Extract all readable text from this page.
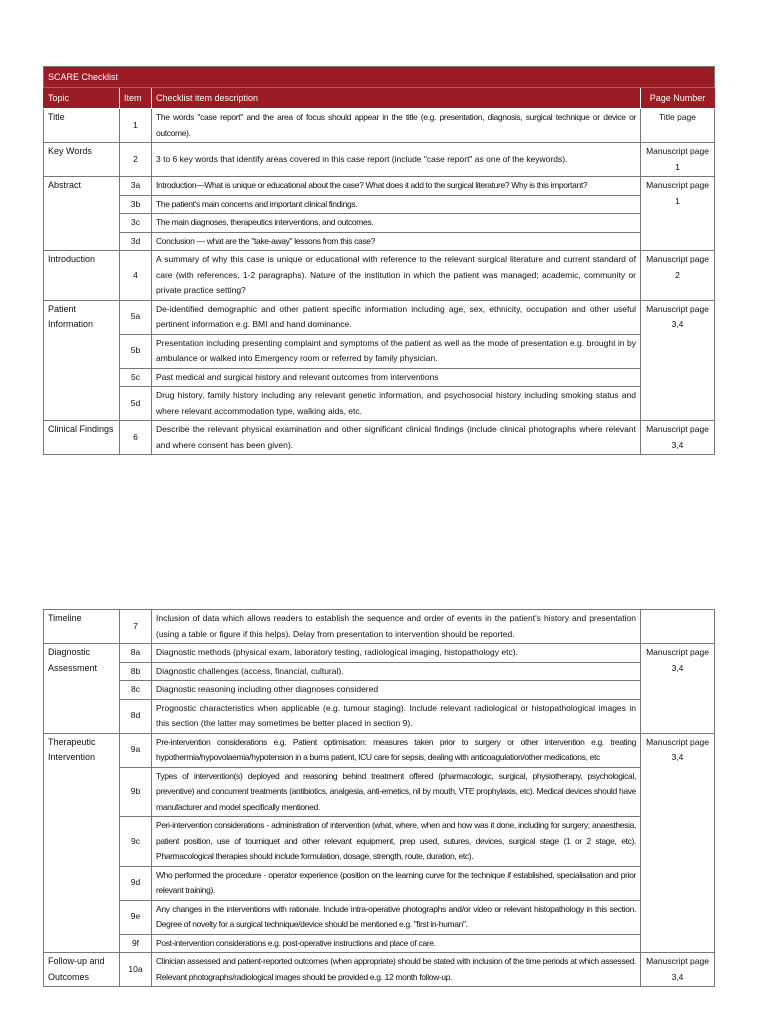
SCARE Checklist			
Topic	Item	Checklist item description	Page Number
Title	1	The words "case report" and the area of focus should appear in the title (e.g. presentation, diagnosis, surgical technique or device or outcome).	Title page
Key Words	2	3 to 6 key words that identify areas covered in this case report (include "case report" as one of the keywords).	Manuscript page 1
Abstract	3a	Introduction—What is unique or educational about the case? What does it add to the surgical literature? Why is this important?	Manuscript page 1
	3b	The patient's main concerns and important clinical findings.	
	3c	The main diagnoses, therapeutics interventions, and outcomes.	
	3d	Conclusion — what are the "take-away" lessons from this case?	
Introduction	4	A summary of why this case is unique or educational with reference to the relevant surgical literature and current standard of care (with references, 1-2 paragraphs). Nature of the institution in which the patient was managed; academic, community or private practice setting?	Manuscript page 2
Patient Information	5a	De-identified demographic and other patient specific information including age, sex, ethnicity, occupation and other useful pertinent information e.g. BMI and hand dominance.	Manuscript page 3,4
	5b	Presentation including presenting complaint and symptoms of the patient as well as the mode of presentation e.g. brought in by ambulance or walked into Emergency room or referred by family physician.	
	5c	Past medical and surgical history and relevant outcomes from interventions	
	5d	Drug history, family history including any relevant genetic information, and psychosocial history including smoking status and where relevant accommodation type, walking aids, etc.	
Clinical Findings	6	Describe the relevant physical examination and other significant clinical findings (include clinical photographs where relevant and where consent has been given).	Manuscript page 3,4
Timeline	7	Inclusion of data which allows readers to establish the sequence and order of events in the patient's history and presentation (using a table or figure if this helps). Delay from presentation to intervention should be reported.	
Diagnostic Assessment	8a	Diagnostic methods (physical exam, laboratory testing, radiological imaging, histopathology etc).	Manuscript page 3,4
	8b	Diagnostic challenges (access, financial, cultural).	
	8c	Diagnostic reasoning including other diagnoses considered	
	8d	Prognostic characteristics when applicable (e.g. tumour staging). Include relevant radiological or histopathological images in this section (the latter may sometimes be better placed in section 9).	
Therapeutic Intervention	9a	Pre-intervention considerations e.g. Patient optimisation: measures taken prior to surgery or other intervention e.g. treating hypothermia/hypovolaemia/hypotension in a burns patient, ICU care for sepsis, dealing with anticoagulation/other medications, etc	Manuscript page 3,4
	9b	Types of intervention(s) deployed and reasoning behind treatment offered (pharmacologic, surgical, physiotherapy, psychological, preventive) and concurrent treatments (antibiotics, analgesia, anti-emetics, nil by mouth, VTE prophylaxis, etc). Medical devices should have manufacturer and model specifically mentioned.	
	9c	Peri-intervention considerations - administration of intervention (what, where, when and how was it done, including for surgery; anaesthesia, patient position, use of tourniquet and other relevant equipment, prep used, sutures, devices, surgical stage (1 or 2 stage, etc). Pharmacological therapies should include formulation, dosage, strength, route, duration, etc).	
	9d	Who performed the procedure - operator experience (position on the learning curve for the technique if established, specialisation and prior relevant training).	
	9e	Any changes in the interventions with rationale. Include intra-operative photographs and/or video or relevant histopathology in this section. Degree of novelty for a surgical technique/device should be mentioned e.g. "first in-human".	
	9f	Post-intervention considerations e.g. post-operative instructions and place of care.	
Follow-up and Outcomes	10a	Clinician assessed and patient-reported outcomes (when appropriate) should be stated with inclusion of the time periods at which assessed. Relevant photographs/radiological images should be provided e.g. 12 month follow-up.	Manuscript page 3,4
